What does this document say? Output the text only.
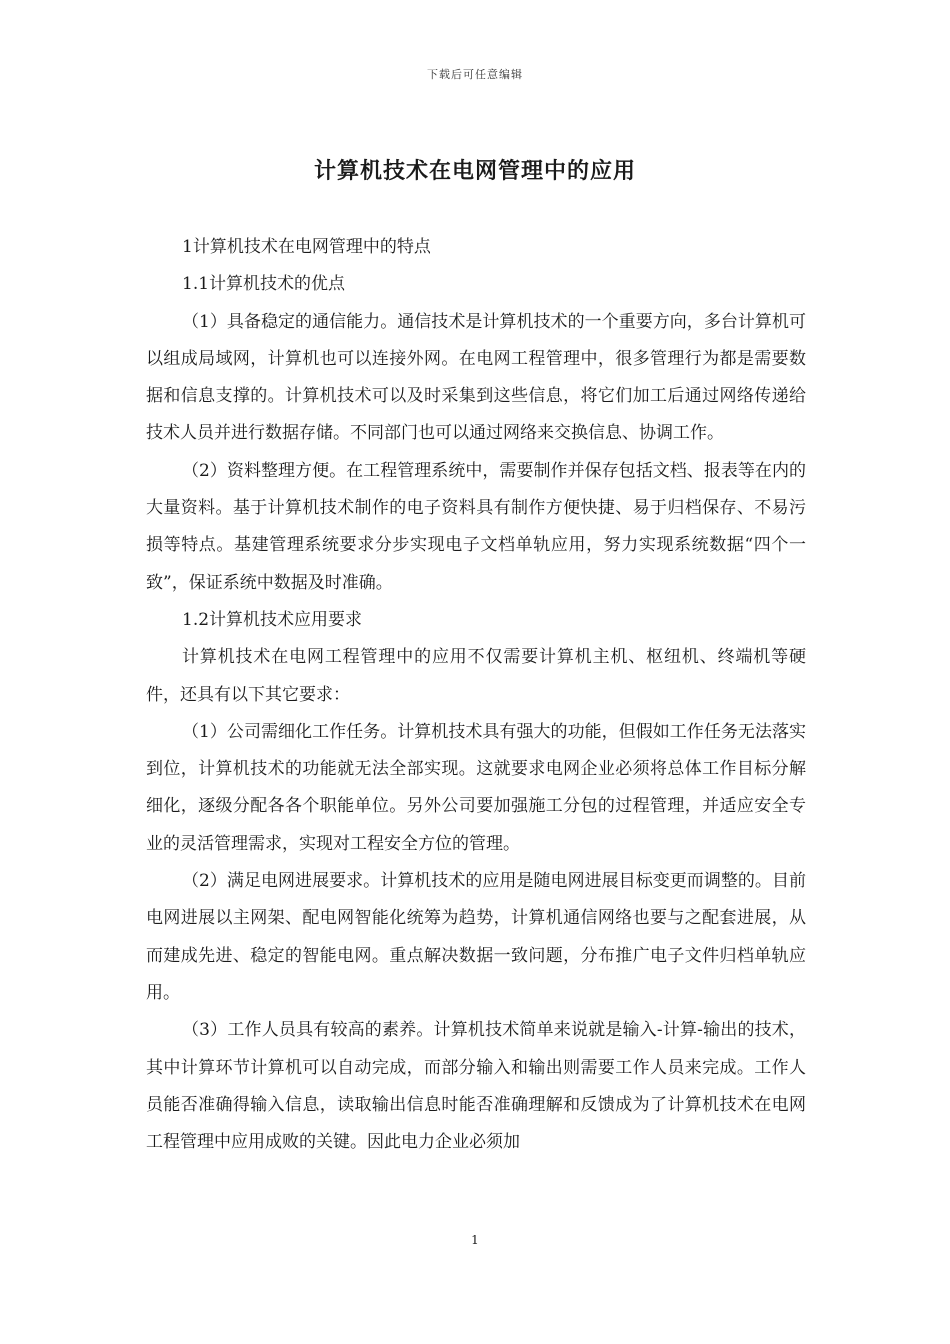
下载后可任意编辑
计算机技术在电网管理中的应用

1计算机技术在电网管理中的特点

1.1计算机技术的优点

（1）具备稳定的通信能力。通信技术是计算机技术的一个重要方向，多台计算机可以组成局域网，计算机也可以连接外网。在电网工程管理中，很多管理行为都是需要数据和信息支撑的。计算机技术可以及时采集到这些信息，将它们加工后通过网络传递给技术人员并进行数据存储。不同部门也可以通过网络来交换信息、协调工作。

（2）资料整理方便。在工程管理系统中，需要制作并保存包括文档、报表等在内的大量资料。基于计算机技术制作的电子资料具有制作方便快捷、易于归档保存、不易污损等特点。基建管理系统要求分步实现电子文档单轨应用，努力实现系统数据“四个一致”，保证系统中数据及时准确。

1.2计算机技术应用要求

计算机技术在电网工程管理中的应用不仅需要计算机主机、枢纽机、终端机等硬件，还具有以下其它要求：

（1）公司需细化工作任务。计算机技术具有强大的功能，但假如工作任务无法落实到位，计算机技术的功能就无法全部实现。这就要求电网企业必须将总体工作目标分解细化，逐级分配各各个职能单位。另外公司要加强施工分包的过程管理，并适应安全专业的灵活管理需求，实现对工程安全方位的管理。

（2）满足电网进展要求。计算机技术的应用是随电网进展目标变更而调整的。目前电网进展以主网架、配电网智能化统筹为趋势，计算机通信网络也要与之配套进展，从而建成先进、稳定的智能电网。重点解决数据一致问题，分布推广电子文件归档单轨应用。

（3）工作人员具有较高的素养。计算机技术简单来说就是输入-计算-输出的技术，其中计算环节计算机可以自动完成，而部分输入和输出则需要工作人员来完成。工作人员能否准确得输入信息，读取输出信息时能否准确理解和反馈成为了计算机技术在电网工程管理中应用成败的关键。因此电力企业必须加

1
